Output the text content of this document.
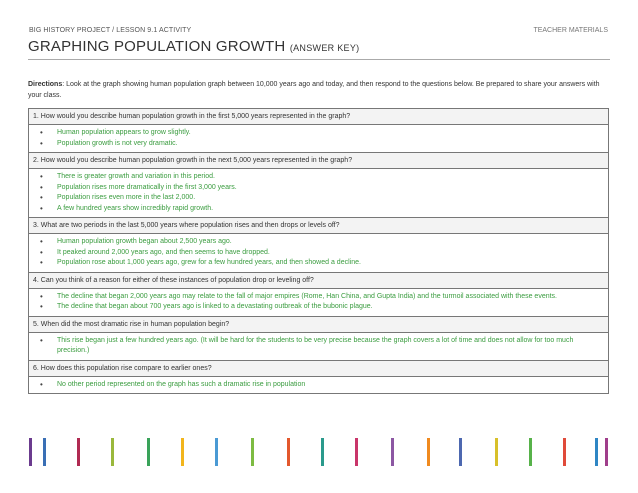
BIG HISTORY PROJECT / LESSON 9.1 ACTIVITY	TEACHER MATERIALS
GRAPHING POPULATION GROWTH (ANSWER KEY)
Directions: Look at the graph showing human population graph between 10,000 years ago and today, and then respond to the questions below. Be prepared to share your answers with your class.
1. How would you describe human population growth in the first 5,000 years represented in the graph?

• Human population appears to grow slightly.
• Population growth is not very dramatic.

2. How would you describe human population growth in the next 5,000 years represented in the graph?

• There is greater growth and variation in this period.
• Population rises more dramatically in the first 3,000 years.
• Population rises even more in the last 2,000.
• A few hundred years show incredibly rapid growth.

3. What are two periods in the last 5,000 years where population rises and then drops or levels off?

• Human population growth began about 2,500 years ago.
• It peaked around 2,000 years ago, and then seems to have dropped.
• Population rose about 1,000 years ago, grew for a few hundred years, and then showed a decline.

4. Can you think of a reason for either of these instances of population drop or leveling off?

• The decline that began 2,000 years ago may relate to the fall of major empires (Rome, Han China, and Gupta India) and the turmoil associated with these events.
• The decline that began about 700 years ago is linked to a devastating outbreak of the bubonic plague.

5. When did the most dramatic rise in human population begin?

• This rise began just a few hundred years ago. (It will be hard for the students to be very precise because the graph covers a lot of time and does not allow for too much precision.)

6. How does this population rise compare to earlier ones?

• No other period represented on the graph has such a dramatic rise in population
